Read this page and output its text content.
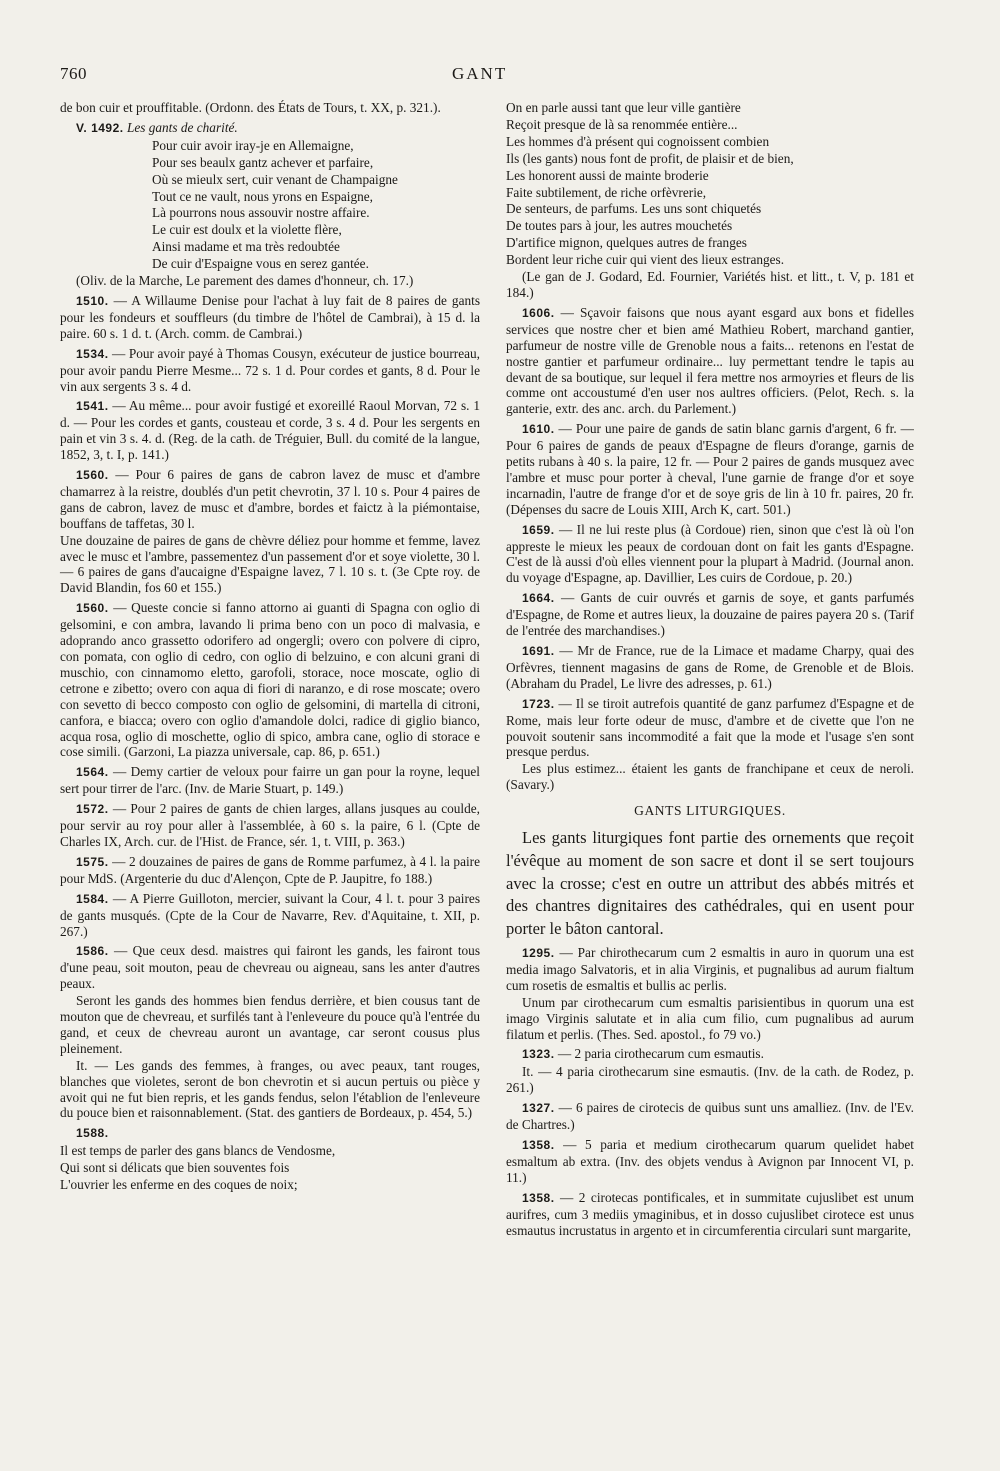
760	GANT

de bon cuir et prouffitable. (Ordonn. des États de Tours, t. XX, p. 321.).

V. 1492. Les gants de charité.

Pour cuir avoir iray-je en Allemaigne,

Pour ses beaulx gantz achever et parfaire,

Où se mieulx sert, cuir venant de Champaigne

Tout ce ne vault, nous yrons en Espaigne,

Là pourrons nous assouvir nostre affaire.

Le cuir est doulx et la violette flère,

Ainsi madame et ma très redoubtée

De cuir d'Espaigne vous en serez gantée.

(Oliv. de la Marche, Le parement des dames d'honneur, ch. 17.)

1510. — A Willaume Denise pour l'achat à luy fait de 8 paires de gants pour les fondeurs et souffleurs (du timbre de l'hôtel de Cambrai), à 15 d. la paire. 60 s. 1 d. t. (Arch. comm. de Cambrai.)

1534. — Pour avoir payé à Thomas Cousyn, exécuteur de justice bourreau, pour avoir pandu Pierre Mesme... 72 s. 1 d. Pour cordes et gants, 8 d. Pour le vin aux sergents 3 s. 4 d.

1541. — Au même... pour avoir fustigé et exoreillé Raoul Morvan, 72 s. 1 d. — Pour les cordes et gants, cousteau et corde, 3 s. 4 d. Pour les sergents en pain et vin 3 s. 4. d. (Reg. de la cath. de Tréguier, Bull. du comité de la langue, 1852, 3, t. I, p. 141.)

1560. — Pour 6 paires de gans de cabron lavez de musc et d'ambre chamarrez à la reistre, doublés d'un petit chevrotin, 37 l. 10 s. Pour 4 paires de gans de cabron, lavez de musc et d'ambre, bordes et faictz à la piémontaise, bouffans de taffetas, 30 l.

Une douzaine de paires de gans de chèvre déliez pour homme et femme, lavez avec le musc et l'ambre, passementez d'un passement d'or et soye violette, 30 l. — 6 paires de gans d'aucaigne d'Espaigne lavez, 7 l. 10 s. t. (3e Cpte roy. de David Blandin, fos 60 et 155.)

1560. — Queste concie si fanno attorno ai guanti di Spagna con oglio di gelsomini, e con ambra, lavando li prima beno con un poco di malvasia, e adoprando anco grassetto odorifero ad ongergli; overo con polvere di cipro, con pomata, con oglio di cedro, con oglio di belzuino, e con alcuni grani di muschio, con cinnamomo eletto, garofoli, storace, noce moscate, oglio di cetrone e zibetto; overo con aqua di fiori di naranzo, e di rose moscate; overo con sevetto di becco composto con oglio de gelsomini, di martella di citroni, canfora, e biacca; overo con oglio d'amandole dolci, radice di giglio bianco, acqua rosa, oglio di moschette, oglio di spico, ambra cane, oglio di storace e cose simili. (Garzoni, La piazza universale, cap. 86, p. 651.)

1564. — Demy cartier de veloux pour fairre un gan pour la royne, lequel sert pour tirrer de l'arc. (Inv. de Marie Stuart, p. 149.)

1572. — Pour 2 paires de gants de chien larges, allans jusques au coulde, pour servir au roy pour aller à l'assemblée, à 60 s. la paire, 6 l. (Cpte de Charles IX, Arch. cur. de l'Hist. de France, sér. 1, t. VIII, p. 363.)

1575. — 2 douzaines de paires de gans de Romme parfumez, à 4 l. la paire pour MdS. (Argenterie du duc d'Alençon, Cpte de P. Jaupitre, fo 188.)

1584. — A Pierre Guilloton, mercier, suivant la Cour, 4 l. t. pour 3 paires de gants musqués. (Cpte de la Cour de Navarre, Rev. d'Aquitaine, t. XII, p. 267.)

1586. — Que ceux desd. maistres qui fairont les gands, les fairont tous d'une peau, soit mouton, peau de chevreau ou aigneau, sans les anter d'autres peaux.

Seront les gands des hommes bien fendus derrière, et bien cousus tant de mouton que de chevreau, et surfilés tant à l'enleveure du pouce qu'à l'entrée du gand, et ceux de chevreau auront un avantage, car seront cousus plus pleinement.

It. — Les gands des femmes, à franges, ou avec peaux, tant rouges, blanches que violetes, seront de bon chevrotin et si aucun pertuis ou pièce y avoit qui ne fut bien repris, et les gands fendus, selon l'établion de l'enleveure du pouce bien et raisonnablement. (Stat. des gantiers de Bordeaux, p. 454, 5.)

1588.

Il est temps de parler des gans blancs de Vendosme,

Qui sont si délicats que bien souventes fois

L'ouvrier les enferme en des coques de noix;

On en parle aussi tant que leur ville gantière

Reçoit presque de là sa renommée entière...

Les hommes d'à présent qui cognoissent combien

Ils (les gants) nous font de profit, de plaisir et de bien,

Les honorent aussi de mainte broderie

Faite subtilement, de riche orfèvrerie,

De senteurs, de parfums. Les uns sont chiquetés

De toutes pars à jour, les autres mouchetés

D'artifice mignon, quelques autres de franges

Bordent leur riche cuir qui vient des lieux estranges.

(Le gan de J. Godard, Ed. Fournier, Variétés hist. et litt., t. V, p. 181 et 184.)

1606. — Sçavoir faisons que nous ayant esgard aux bons et fidelles services que nostre cher et bien amé Mathieu Robert, marchand gantier, parfumeur de nostre ville de Grenoble nous a faits... retenons en l'estat de nostre gantier et parfumeur ordinaire... luy permettant tendre le tapis au devant de sa boutique, sur lequel il fera mettre nos armoyries et fleurs de lis comme ont accoustumé d'en user nos aultres officiers. (Pelot, Rech. s. la ganterie, extr. des anc. arch. du Parlement.)

1610. — Pour une paire de gands de satin blanc garnis d'argent, 6 fr. — Pour 6 paires de gands de peaux d'Espagne de fleurs d'orange, garnis de petits rubans à 40 s. la paire, 12 fr. — Pour 2 paires de gands musquez avec l'ambre et musc pour porter à cheval, l'une garnie de frange d'or et soye incarnadin, l'autre de frange d'or et de soye gris de lin à 10 fr. paires, 20 fr. (Dépenses du sacre de Louis XIII, Arch K, cart. 501.)

1659. — Il ne lui reste plus (à Cordoue) rien, sinon que c'est là où l'on appreste le mieux les peaux de cordouan dont on fait les gants d'Espagne. C'est de là aussi d'où elles viennent pour la plupart à Madrid. (Journal anon. du voyage d'Espagne, ap. Davillier, Les cuirs de Cordoue, p. 20.)

1664. — Gants de cuir ouvrés et garnis de soye, et gants parfumés d'Espagne, de Rome et autres lieux, la douzaine de paires payera 20 s. (Tarif de l'entrée des marchandises.)

1691. — Mr de France, rue de la Limace et madame Charpy, quai des Orfèvres, tiennent magasins de gans de Rome, de Grenoble et de Blois. (Abraham du Pradel, Le livre des adresses, p. 61.)

1723. — Il se tiroit autrefois quantité de ganz parfumez d'Espagne et de Rome, mais leur forte odeur de musc, d'ambre et de civette que l'on ne pouvoit soutenir sans incommodité a fait que la mode et l'usage s'en sont presque perdus.

Les plus estimez... étaient les gants de franchipane et ceux de neroli. (Savary.)

GANTS LITURGIQUES.

Les gants liturgiques font partie des ornements que reçoit l'évêque au moment de son sacre et dont il se sert toujours avec la crosse; c'est en outre un attribut des abbés mitrés et des chantres dignitaires des cathédrales, qui en usent pour porter le bâton cantoral.

1295. — Par chirothecarum cum 2 esmaltis in auro in quorum una est media imago Salvatoris, et in alia Virginis, et pugnalibus ad aurum fialtum cum rosetis de esmaltis et bullis ac perlis.

Unum par cirothecarum cum esmaltis parisientibus in quorum una est imago Virginis salutate et in alia cum filio, cum pugnalibus ad aurum filatum et perlis. (Thes. Sed. apostol., fo 79 vo.)

1323. — 2 paria cirothecarum cum esmautis.

It. — 4 paria cirothecarum sine esmautis. (Inv. de la cath. de Rodez, p. 261.)

1327. — 6 paires de cirotecis de quibus sunt uns amalliez. (Inv. de l'Ev. de Chartres.)

1358. — 5 paria et medium cirothecarum quarum quelidet habet esmaltum ab extra. (Inv. des objets vendus à Avignon par Innocent VI, p. 11.)

1358. — 2 cirotecas pontificales, et in summitate cujuslibet est unum aurifres, cum 3 mediis ymaginibus, et in dosso cujuslibet cirotece est unus esmautus incrustatus in argento et in circumferentia circulari sunt margarite,
